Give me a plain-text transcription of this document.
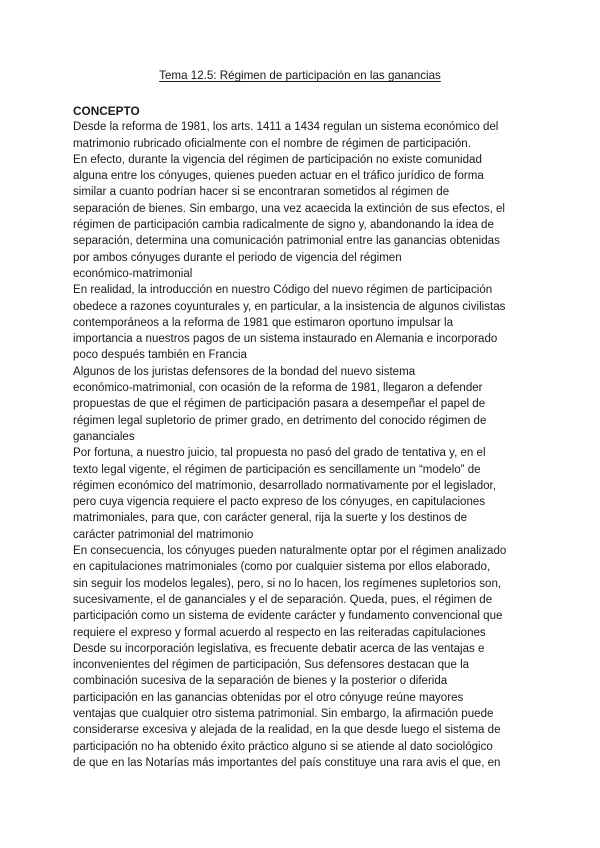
Tema 12.5: Régimen de participación en las ganancias
CONCEPTO
Desde la reforma de 1981, los arts. 1411 a 1434 regulan un sistema económico del
matrimonio rubricado oficialmente con el nombre de régimen de participación.
En efecto, durante la vigencia del régimen de participación no existe comunidad
alguna entre los cónyuges, quienes pueden actuar en el tráfico jurídico de forma
similar a cuanto podrían hacer si se encontraran sometidos al régimen de
separación de bienes. Sin embargo, una vez acaecida la extinción de sus efectos, el
régimen de participación cambia radicalmente de signo y, abandonando la idea de
separación, determina una comunicación patrimonial entre las ganancias obtenidas
por ambos cónyuges durante el periodo de vigencia del régimen
económico-matrimonial
En realidad, la introducción en nuestro Código del nuevo régimen de participación
obedece a razones coyunturales y, en particular, a la insistencia de algunos civilistas
contemporáneos a la reforma de 1981 que estimaron oportuno impulsar la
importancia a nuestros pagos de un sistema instaurado en Alemania e incorporado
poco después también en Francia
Algunos de los juristas defensores de la bondad del nuevo sistema
económico-matrimonial, con ocasión de la reforma de 1981, llegaron a defender
propuestas de que el régimen de participación pasara a desempeñar el papel de
régimen legal supletorio de primer grado, en detrimento del conocido régimen de
gananciales
Por fortuna, a nuestro juicio, tal propuesta no pasó del grado de tentativa y, en el
texto legal vigente, el régimen de participación es sencillamente un “modelo” de
régimen económico del matrimonio, desarrollado normativamente por el legislador,
pero cuya vigencia requiere el pacto expreso de los cónyuges, en capitulaciones
matrimoniales, para que, con carácter general, rija la suerte y los destinos de
carácter patrimonial del matrimonio
En consecuencia, los cónyuges pueden naturalmente optar por el régimen analizado
en capitulaciones matrimoniales (como por cualquier sistema por ellos elaborado,
sin seguir los modelos legales), pero, si no lo hacen, los regímenes supletorios son,
sucesivamente, el de gananciales y el de separación. Queda, pues, el régimen de
participación como un sistema de evidente carácter y fundamento convencional que
requiere el expreso y formal acuerdo al respecto en las reiteradas capitulaciones
Desde su incorporación legislativa, es frecuente debatir acerca de las ventajas e
inconvenientes del régimen de participación, Sus defensores destacan que la
combinación sucesiva de la separación de bienes y la posterior o diferida
participación en las ganancias obtenidas por el otro cónyuge reúne mayores
ventajas que cualquier otro sistema patrimonial. Sin embargo, la afirmación puede
considerarse excesiva y alejada de la realidad, en la que desde luego el sistema de
participación no ha obtenido éxito práctico alguno si se atiende al dato sociológico
de que en las Notarías más importantes del país constituye una rara avis el que, en
